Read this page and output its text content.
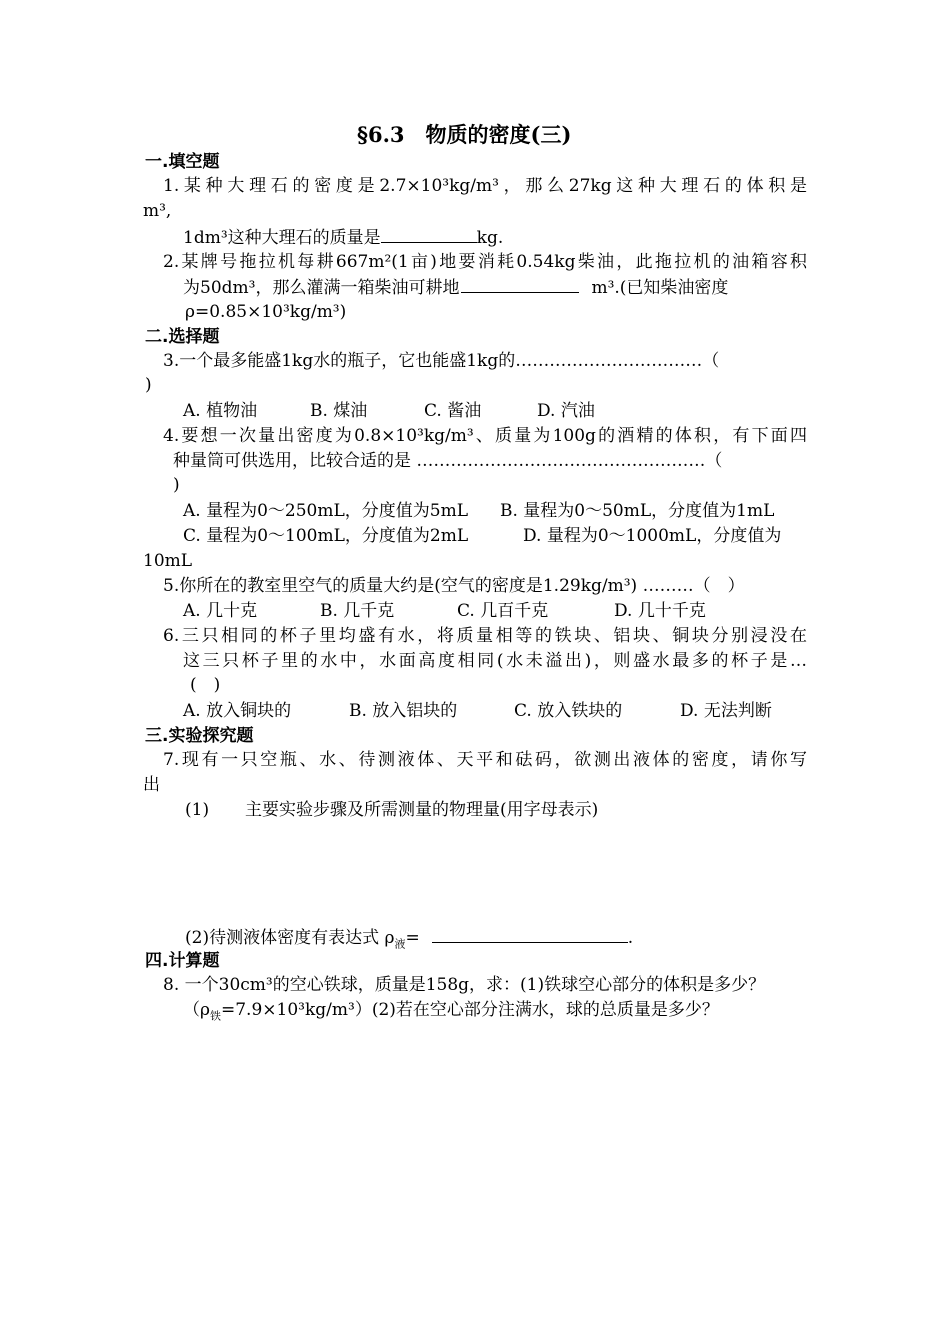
§6.3　物质的密度(三)
一.填空题
1.某种大理石的密度是2.7×10³kg/m³，那么27kg这种大理石的体积是
m³,
1dm³这种大理石的质量是	kg.
2.某牌号拖拉机每耕667m²(1亩)地要消耗0.54kg柴油，此拖拉机的油箱容积
为50dm³，那么灌满一箱柴油可耕地	m³.(已知柴油密度
ρ=0.85×10³kg/m³)
二.选择题
3.一个最多能盛1kg水的瓶子，它也能盛1kg的……………………………（
)
A. 植物油	B. 煤油	C. 酱油	D. 汽油
4.要想一次量出密度为0.8×10³kg/m³、质量为100g的酒精的体积，有下面四
种量筒可供选用，比较合适的是 ……………………………………………（
)
A. 量程为0～250mL，分度值为5mL B. 量程为0～50mL，分度值为1mL
C. 量程为0～100mL，分度值为2mL	D. 量程为0～1000mL，分度值为
10mL
5.你所在的教室里空气的质量大约是(空气的密度是1.29kg/m³) ………（　）
A. 几十克	B. 几千克	C. 几百千克	D. 几十千克
6.三只相同的杯子里均盛有水，将质量相等的铁块、铝块、铜块分别浸没在
这三只杯子里的水中，水面高度相同(水未溢出)，则盛水最多的杯子是…
(　)
A. 放入铜块的	B. 放入铝块的	C. 放入铁块的	D. 无法判断
三.实验探究题
7.现有一只空瓶、水、待测液体、天平和砝码，欲测出液体的密度，请你写
出
(1) 主要实验步骤及所需测量的物理量(用字母表示)
(2)待测液体密度有表达式 $\rho_液=$	.
四.计算题
8. 一个30cm³的空心铁球，质量是158g，求：(1)铁球空心部分的体积是多少？
$(\rho_铁=7.9\times 10^3kg/m^3)(2)$若在空心部分注满水，球的总质量是多少？
